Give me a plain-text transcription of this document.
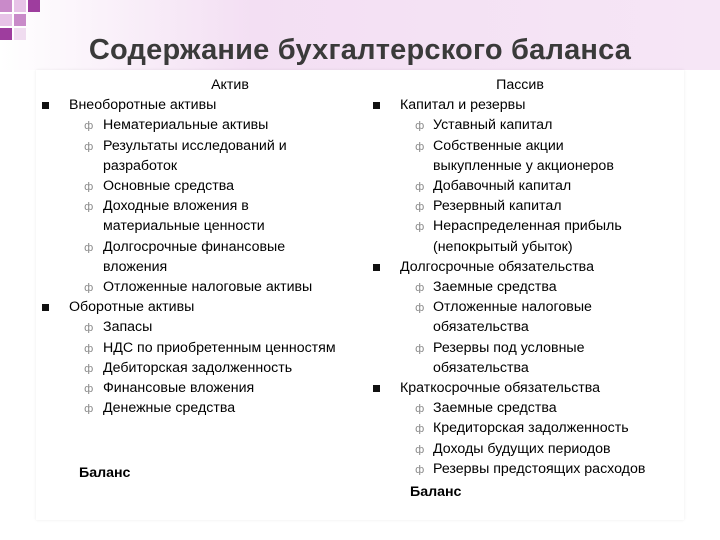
Содержание бухгалтерского баланса
Актив
Внеоборотные активы
ф Нематериальные активы
ф Результаты исследований и
разработок
ф Основные средства
ф Доходные вложения в
материальные ценности
ф Долгосрочные финансовые
вложения
ф Отложенные налоговые активы
Оборотные активы
ф Запасы
ф НДС по приобретенным ценностям
ф Дебиторская задолженность
ф Финансовые вложения
ф Денежные средства
Баланс
Пассив
Капитал и резервы
ф Уставный капитал
ф Собственные акции
выкупленные у акционеров
ф Добавочный капитал
ф Резервный капитал
ф Нераспределенная прибыль
(непокрытый убыток)
Долгосрочные обязательства
ф Заемные средства
ф Отложенные налоговые
обязательства
ф Резервы под условные
обязательства
Краткосрочные обязательства
ф Заемные средства
ф Кредиторская задолженность
ф Доходы будущих периодов
ф Резервы предстоящих расходов
Баланс
